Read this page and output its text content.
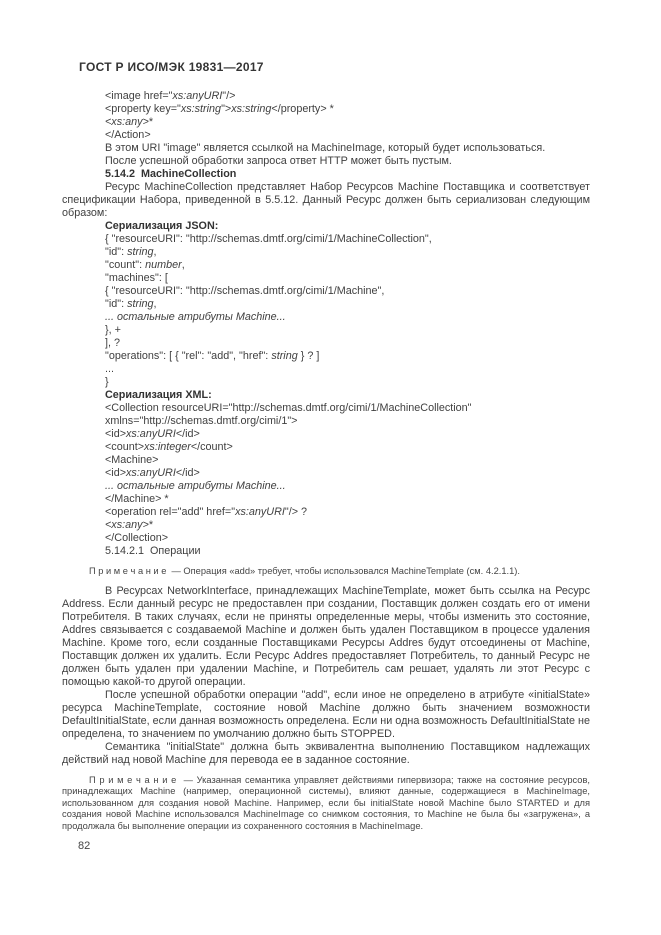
ГОСТ Р ИСО/МЭК 19831—2017
<image href="xs:anyURI"/>
<property key="xs:string">xs:string</property> *
<xs:any>*
</Action>
В этом URI "image" является ссылкой на MachineImage, который будет использоваться.
После успешной обработки запроса ответ HTTP может быть пустым.
5.14.2  MachineCollection
Ресурс MachineCollection представляет Набор Ресурсов Machine Поставщика и соответствует спецификации Набора, приведенной в 5.5.12. Данный Ресурс должен быть сериализован следующим образом:
Сериализация JSON:
{ "resourceURI": "http://schemas.dmtf.org/cimi/1/MachineCollection",
"id": string,
"count": number,
"machines": [
{ "resourceURI": "http://schemas.dmtf.org/cimi/1/Machine",
"id": string,
... остальные атрибуты Machine...
}, +
], ?
"operations": [ { "rel": "add", "href": string } ? ]
...
}
Сериализация XML:
<Collection resourceURI="http://schemas.dmtf.org/cimi/1/MachineCollection"
xmlns="http://schemas.dmtf.org/cimi/1">
<id>xs:anyURI</id>
<count>xs:integer</count>
<Machine>
<id>xs:anyURI</id>
... остальные атрибуты Machine...
</Machine> *
<operation rel="add" href="xs:anyURI"/> ?
<xs:any>*
</Collection>
5.14.2.1  Операции
П р и м е ч а н и е  — Операция «add» требует, чтобы использовался MachineTemplate (см. 4.2.1.1).
В Ресурсах NetworkInterface, принадлежащих MachineTemplate, может быть ссылка на Ресурс Address. Если данный ресурс не предоставлен при создании, Поставщик должен создать его от имени Потребителя. В таких случаях, если не приняты определенные меры, чтобы изменить это состояние, Addres связывается с создаваемой Machine и должен быть удален Поставщиком в процессе удаления Machine. Кроме того, если созданные Поставщиками Ресурсы Addres будут отсоединены от Machine, Поставщик должен их удалить. Если Ресурс Addres предоставляет Потребитель, то данный Ресурс не должен быть удален при удалении Machine, и Потребитель сам решает, удалять ли этот Ресурс с помощью какой-то другой операции.
После успешной обработки операции "add", если иное не определено в атрибуте «initialState» ресурса MachineTemplate, состояние новой Machine должно быть значением возможности DefaultInitialState, если данная возможность определена. Если ни одна возможность DefaultInitialState не определена, то значением по умолчанию должно быть STOPPED.
Семантика "initialState" должна быть эквивалентна выполнению Поставщиком надлежащих действий над новой Machine для перевода ее в заданное состояние.
П р и м е ч а н и е  — Указанная семантика управляет действиями гипервизора; также на состояние ресурсов, принадлежащих Machine (например, операционной системы), влияют данные, содержащиеся в MachineImage, использованном для создания новой Machine. Например, если бы initialState новой Machine было STARTED и для создания новой Machine использовался MachineImage со снимком состояния, то Machine не была бы «загружена», а продолжала бы выполнение операции из сохраненного состояния в MachineImage.
82
